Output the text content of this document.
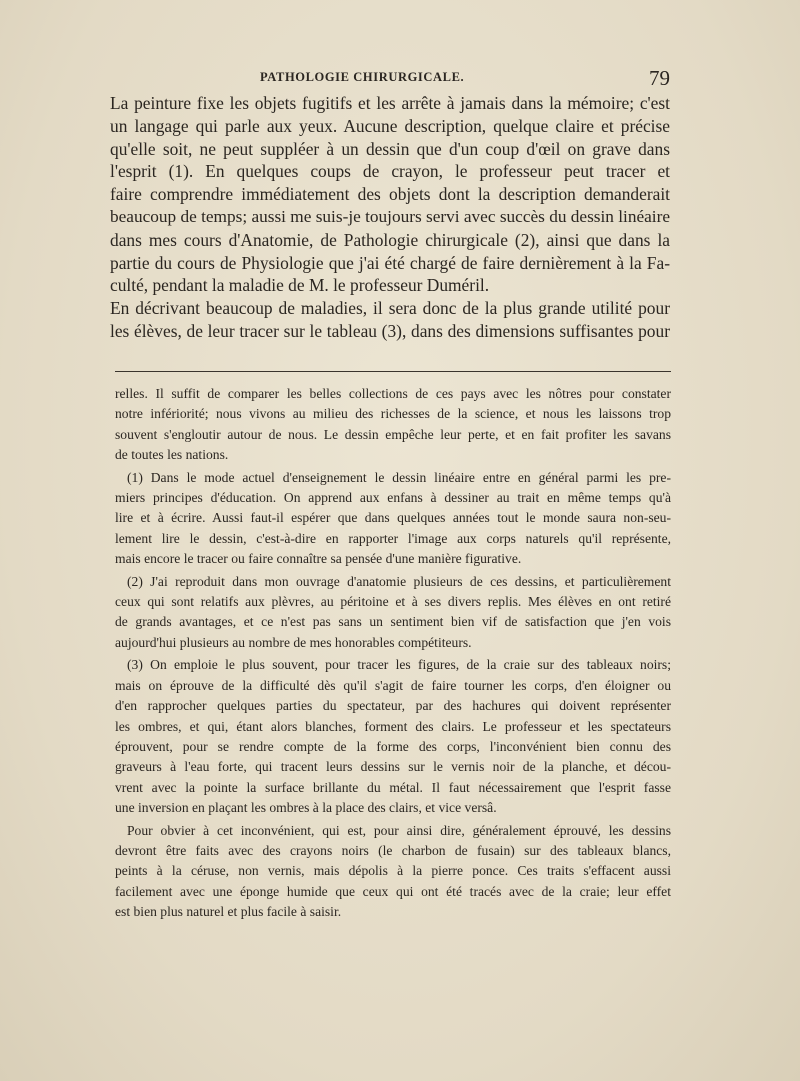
PATHOLOGIE CHIRURGICALE.	79
La peinture fixe les objets fugitifs et les arrête à jamais dans la mémoire; c'est
un langage qui parle aux yeux. Aucune description, quelque claire et précise
qu'elle soit, ne peut suppléer à un dessin que d'un coup d'œil on grave dans
l'esprit (1). En quelques coups de crayon, le professeur peut tracer et
faire comprendre immédiatement des objets dont la description demanderait
beaucoup de temps; aussi me suis-je toujours servi avec succès du dessin linéaire
dans mes cours d'Anatomie, de Pathologie chirurgicale (2), ainsi que dans la
partie du cours de Physiologie que j'ai été chargé de faire dernièrement à la Fa-
culté, pendant la maladie de M. le professeur Duméril.
En décrivant beaucoup de maladies, il sera donc de la plus grande utilité pour
les élèves, de leur tracer sur le tableau (3), dans des dimensions suffisantes pour
relles. Il suffit de comparer les belles collections de ces pays avec les nôtres pour constater
notre infériorité; nous vivons au milieu des richesses de la science, et nous les laissons trop
souvent s'engloutir autour de nous. Le dessin empêche leur perte, et en fait profiter les savans
de toutes les nations.
(1) Dans le mode actuel d'enseignement le dessin linéaire entre en général parmi les pre-
miers principes d'éducation. On apprend aux enfans à dessiner au trait en même temps qu'à
lire et à écrire. Aussi faut-il espérer que dans quelques années tout le monde saura non-seu-
lement lire le dessin, c'est-à-dire en rapporter l'image aux corps naturels qu'il représente,
mais encore le tracer ou faire connaître sa pensée d'une manière figurative.
(2) J'ai reproduit dans mon ouvrage d'anatomie plusieurs de ces dessins, et particulièrement
ceux qui sont relatifs aux plèvres, au péritoine et à ses divers replis. Mes élèves en ont retiré
de grands avantages, et ce n'est pas sans un sentiment bien vif de satisfaction que j'en vois
aujourd'hui plusieurs au nombre de mes honorables compétiteurs.
(3) On emploie le plus souvent, pour tracer les figures, de la craie sur des tableaux noirs;
mais on éprouve de la difficulté dès qu'il s'agit de faire tourner les corps, d'en éloigner ou
d'en rapprocher quelques parties du spectateur, par des hachures qui doivent représenter
les ombres, et qui, étant alors blanches, forment des clairs. Le professeur et les spectateurs
éprouvent, pour se rendre compte de la forme des corps, l'inconvénient bien connu des
graveurs à l'eau forte, qui tracent leurs dessins sur le vernis noir de la planche, et décou-
vrent avec la pointe la surface brillante du métal. Il faut nécessairement que l'esprit fasse
une inversion en plaçant les ombres à la place des clairs, et vice versâ.
Pour obvier à cet inconvénient, qui est, pour ainsi dire, généralement éprouvé, les dessins
devront être faits avec des crayons noirs (le charbon de fusain) sur des tableaux blancs,
peints à la céruse, non vernis, mais dépolis à la pierre ponce. Ces traits s'effacent aussi
facilement avec une éponge humide que ceux qui ont été tracés avec de la craie; leur effet
est bien plus naturel et plus facile à saisir.
